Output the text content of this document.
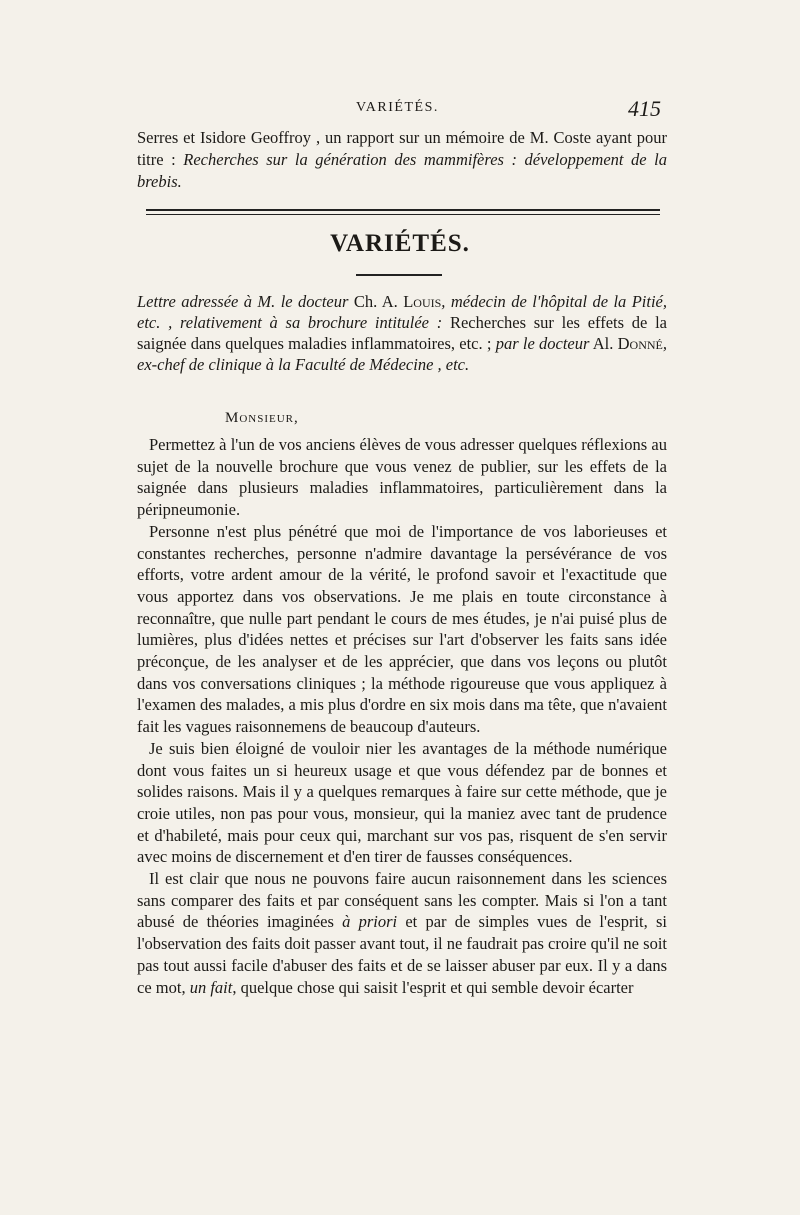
VARIÉTÉS.	415
Serres et Isidore Geoffroy , un rapport sur un mémoire de M. Coste ayant pour titre : Recherches sur la génération des mammifères : développement de la brebis.
VARIÉTÉS.
Lettre adressée à M. le docteur Ch. A. Louis, médecin de l'hôpital de la Pitié, etc. , relativement à sa brochure intitulée : Recherches sur les effets de la saignée dans quelques maladies inflammatoires, etc. ; par le docteur Al. Donné, ex-chef de clinique à la Faculté de Médecine , etc.
Monsieur,

Permettez à l'un de vos anciens élèves de vous adresser quelques réflexions au sujet de la nouvelle brochure que vous venez de publier, sur les effets de la saignée dans plusieurs maladies inflammatoires, particulièrement dans la péripneumonie.

Personne n'est plus pénétré que moi de l'importance de vos laborieuses et constantes recherches, personne n'admire davantage la persévérance de vos efforts, votre ardent amour de la vérité, le profond savoir et l'exactitude que vous apportez dans vos observations. Je me plais en toute circonstance à reconnaître, que nulle part pendant le cours de mes études, je n'ai puisé plus de lumières, plus d'idées nettes et précises sur l'art d'observer les faits sans idée préconçue, de les analyser et de les apprécier, que dans vos leçons ou plutôt dans vos conversations cliniques ; la méthode rigoureuse que vous appliquez à l'examen des malades, a mis plus d'ordre en six mois dans ma tête, que n'avaient fait les vagues raisonnemens de beaucoup d'auteurs.

Je suis bien éloigné de vouloir nier les avantages de la méthode numérique dont vous faites un si heureux usage et que vous défendez par de bonnes et solides raisons. Mais il y a quelques remarques à faire sur cette méthode, que je croie utiles, non pas pour vous, monsieur, qui la maniez avec tant de prudence et d'habileté, mais pour ceux qui, marchant sur vos pas, risquent de s'en servir avec moins de discernement et d'en tirer de fausses conséquences.

Il est clair que nous ne pouvons faire aucun raisonnement dans les sciences sans comparer des faits et par conséquent sans les compter. Mais si l'on a tant abusé de théories imaginées à priori et par de simples vues de l'esprit, si l'observation des faits doit passer avant tout, il ne faudrait pas croire qu'il ne soit pas tout aussi facile d'abuser des faits et de se laisser abuser par eux. Il y a dans ce mot, un fait, quelque chose qui saisit l'esprit et qui semble devoir écarter
